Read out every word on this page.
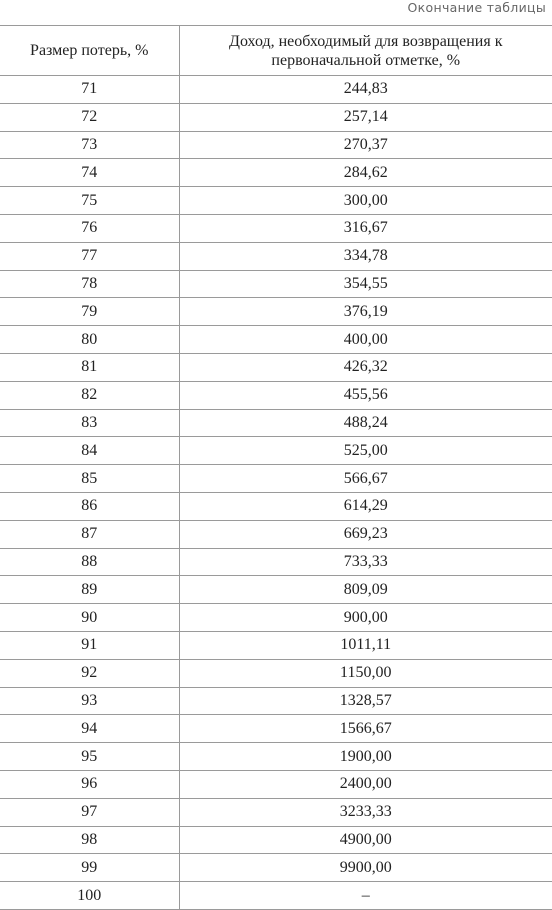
Окончание таблицы
Размер потерь, %	Доход, необходимый для возвращения к первоначальной отметке, %
71	244,83
72	257,14
73	270,37
74	284,62
75	300,00
76	316,67
77	334,78
78	354,55
79	376,19
80	400,00
81	426,32
82	455,56
83	488,24
84	525,00
85	566,67
86	614,29
87	669,23
88	733,33
89	809,09
90	900,00
91	1011,11
92	1150,00
93	1328,57
94	1566,67
95	1900,00
96	2400,00
97	3233,33
98	4900,00
99	9900,00
100	–
